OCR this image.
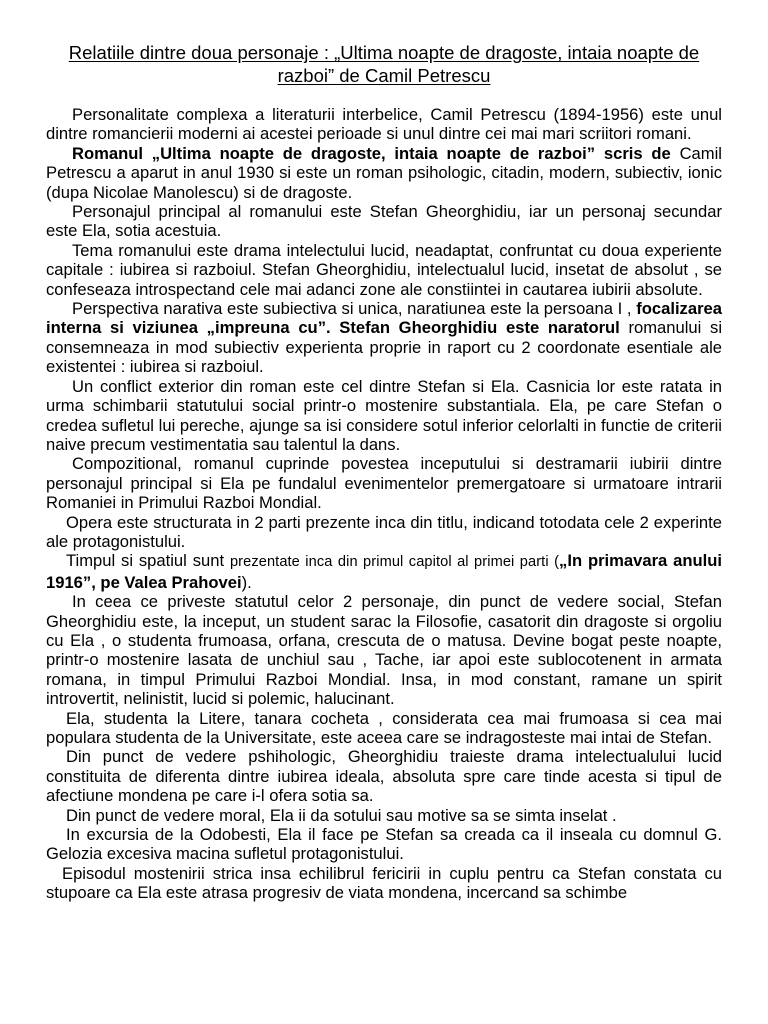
Relatiile dintre doua personaje : „Ultima noapte de dragoste, intaia noapte de razboi” de Camil Petrescu

Personalitate complexa a literaturii interbelice, Camil Petrescu (1894-1956) este unul dintre romancierii moderni ai acestei perioade si unul dintre cei mai mari scriitori romani.

Romanul „Ultima noapte de dragoste, intaia noapte de razboi” scris de Camil Petrescu a aparut in anul 1930 si este un roman psihologic, citadin, modern, subiectiv, ionic (dupa Nicolae Manolescu) si de dragoste.

Personajul principal al romanului este Stefan Gheorghidiu, iar un personaj secundar este Ela, sotia acestuia.

Tema romanului este drama intelectului lucid, neadaptat, confruntat cu doua experiente capitale : iubirea si razboiul. Stefan Gheorghidiu, intelectualul lucid, insetat de absolut , se confeseaza introspectand cele mai adanci zone ale constiintei in cautarea iubirii absolute.

Perspectiva narativa este subiectiva si unica, naratiunea este la persoana I , focalizarea interna si viziunea „impreuna cu”. Stefan Gheorghidiu este naratorul romanului si consemneaza in mod subiectiv experienta proprie in raport cu 2 coordonate esentiale ale existentei : iubirea si razboiul.

Un conflict exterior din roman este cel dintre Stefan si Ela. Casnicia lor este ratata in urma schimbarii statutului social printr-o mostenire substantiala. Ela, pe care Stefan o credea sufletul lui pereche, ajunge sa isi considere sotul inferior celorlalti in functie de criterii naive precum vestimentatia sau talentul la dans.

Compozitional, romanul cuprinde povestea inceputului si destramarii iubirii dintre personajul principal si Ela pe fundalul evenimentelor premergatoare si urmatoare intrarii Romaniei in Primului Razboi Mondial.

Opera este structurata in 2 parti prezente inca din titlu, indicand totodata cele 2 experinte ale protagonistului.

Timpul si spatiul sunt prezentate inca din primul capitol al primei parti („In primavara anului 1916”, pe Valea Prahovei).

In ceea ce priveste statutul celor 2 personaje, din punct de vedere social, Stefan Gheorghidiu este, la inceput, un student sarac la Filosofie, casatorit din dragoste si orgoliu cu Ela , o studenta frumoasa, orfana, crescuta de o matusa. Devine bogat peste noapte, printr-o mostenire lasata de unchiul sau , Tache, iar apoi este sublocotenent in armata romana, in timpul Primului Razboi Mondial. Insa, in mod constant, ramane un spirit introvertit, nelinistit, lucid si polemic, halucinant.

Ela, studenta la Litere, tanara cocheta , considerata cea mai frumoasa si cea mai populara studenta de la Universitate, este aceea care se indragosteste mai intai de Stefan.

Din punct de vedere pshihologic, Gheorghidiu traieste drama intelectualului lucid constituita de diferenta dintre iubirea ideala, absoluta spre care tinde acesta si tipul de afectiune mondena pe care i-l ofera sotia sa.

Din punct de vedere moral, Ela ii da sotului sau motive sa se simta inselat .

In excursia de la Odobesti, Ela il face pe Stefan sa creada ca il inseala cu domnul G. Gelozia excesiva macina sufletul protagonistului.

Episodul mostenirii strica insa echilibrul fericirii in cuplu pentru ca Stefan constata cu stupoare ca Ela este atrasa progresiv de viata mondena, incercand sa schimbe
